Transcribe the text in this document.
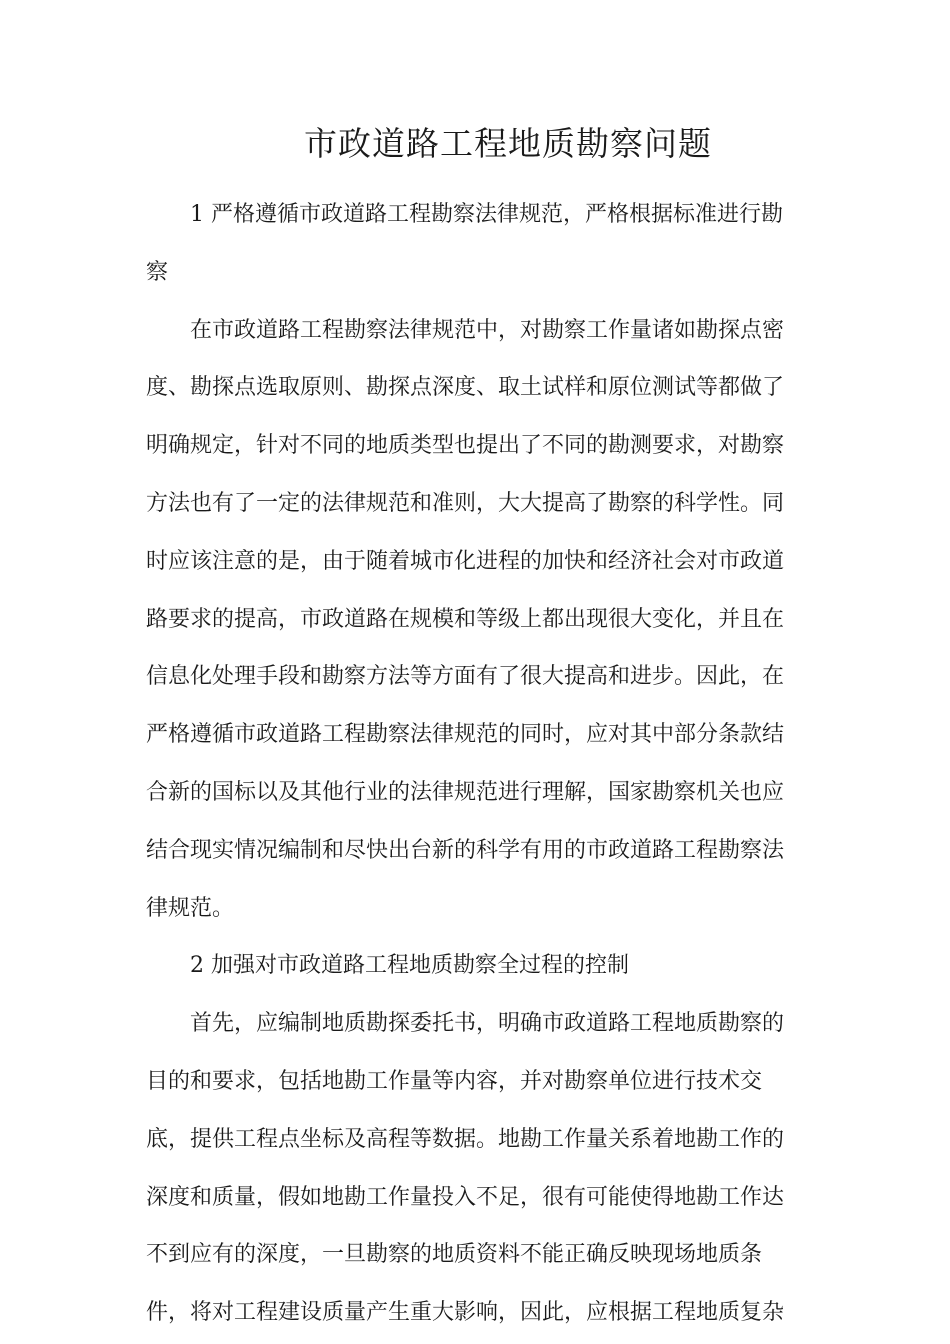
市政道路工程地质勘察问题
1 严格遵循市政道路工程勘察法律规范，严格根据标准进行勘
察
在市政道路工程勘察法律规范中，对勘察工作量诸如勘探点密
度、勘探点选取原则、勘探点深度、取土试样和原位测试等都做了
明确规定，针对不同的地质类型也提出了不同的勘测要求，对勘察
方法也有了一定的法律规范和准则，大大提高了勘察的科学性。同
时应该注意的是，由于随着城市化进程的加快和经济社会对市政道
路要求的提高，市政道路在规模和等级上都出现很大变化，并且在
信息化处理手段和勘察方法等方面有了很大提高和进步。因此，在
严格遵循市政道路工程勘察法律规范的同时，应对其中部分条款结
合新的国标以及其他行业的法律规范进行理解，国家勘察机关也应
结合现实情况编制和尽快出台新的科学有用的市政道路工程勘察法
律规范。
2 加强对市政道路工程地质勘察全过程的控制
首先，应编制地质勘探委托书，明确市政道路工程地质勘察的
目的和要求，包括地勘工作量等内容，并对勘察单位进行技术交
底，提供工程点坐标及高程等数据。地勘工作量关系着地勘工作的
深度和质量，假如地勘工作量投入不足，很有可能使得地勘工作达
不到应有的深度，一旦勘察的地质资料不能正确反映现场地质条
件，将对工程建设质量产生重大影响，因此，应根据工程地质复杂
